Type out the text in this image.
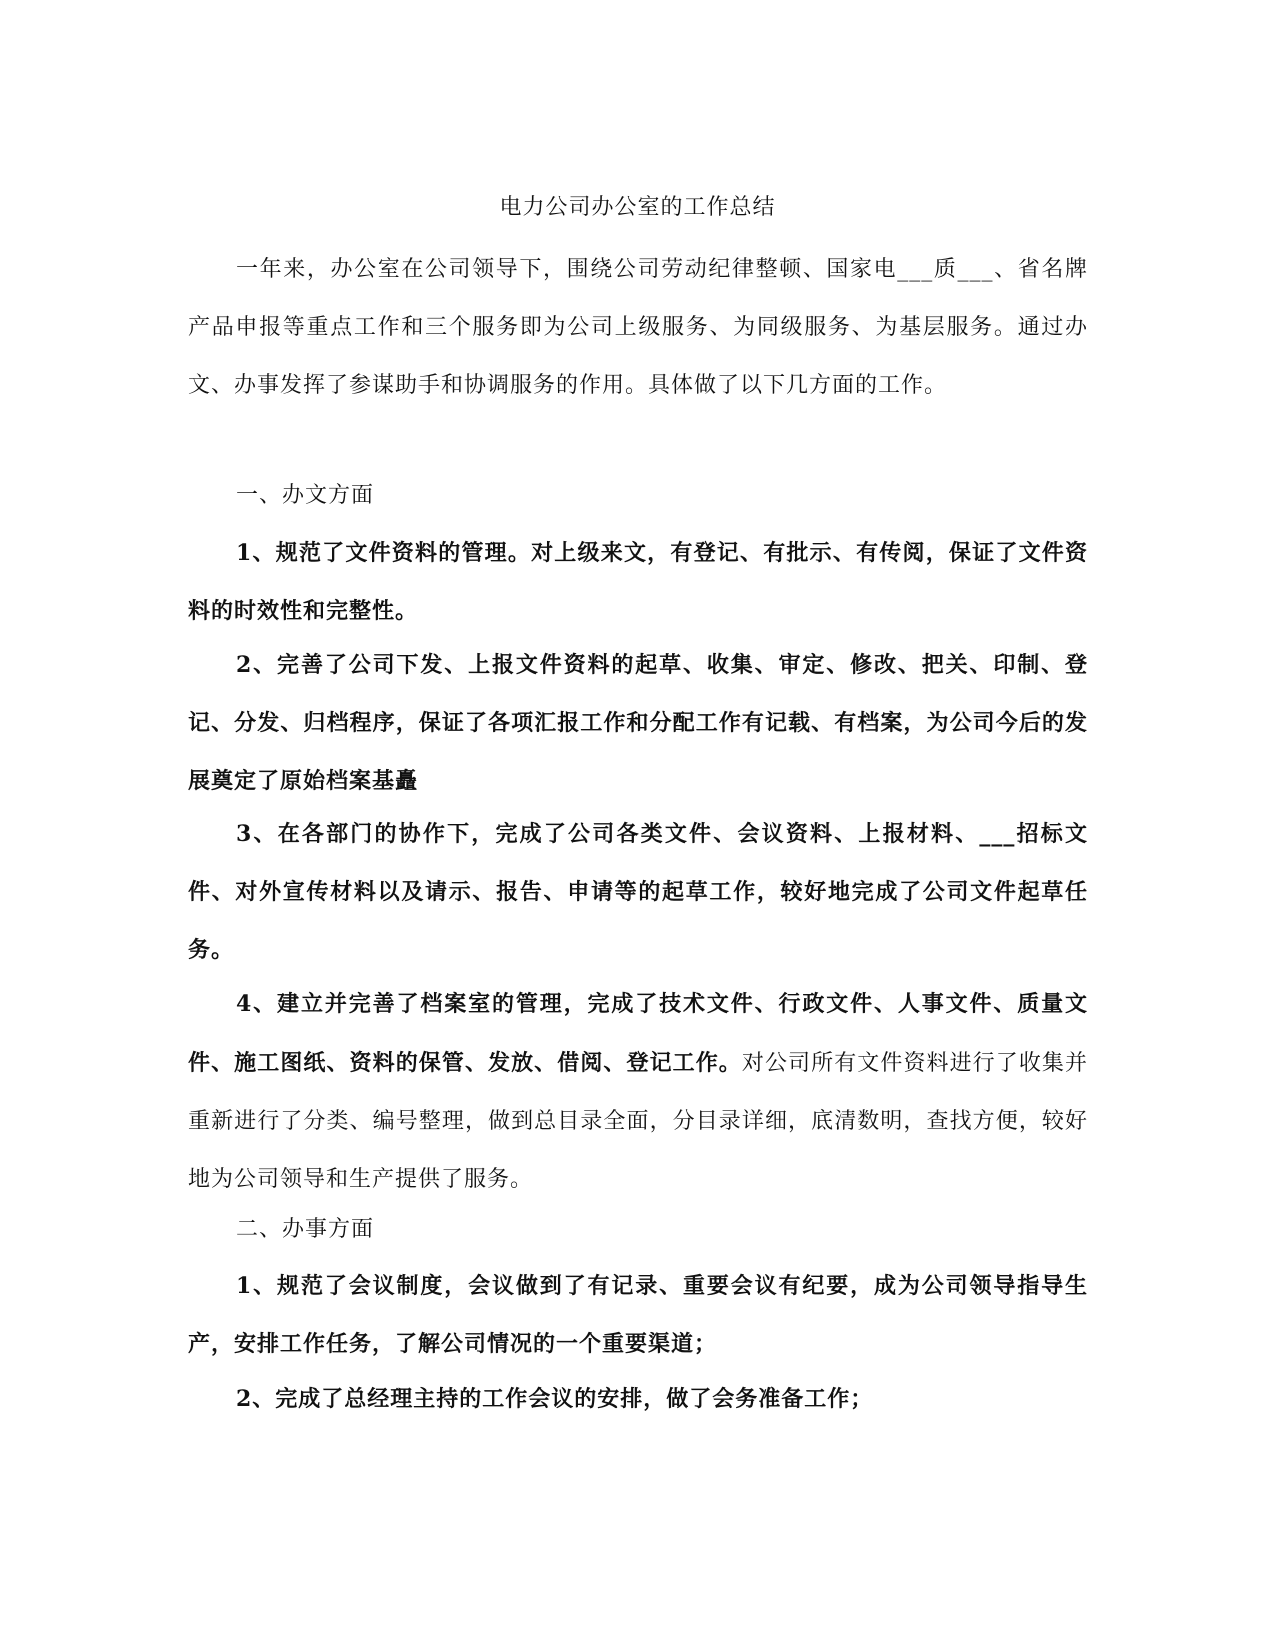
电力公司办公室的工作总结

一年来，办公室在公司领导下，围绕公司劳动纪律整顿、国家电___质___、省名牌产品申报等重点工作和三个服务即为公司上级服务、为同级服务、为基层服务。通过办文、办事发挥了参谋助手和协调服务的作用。具体做了以下几方面的工作。

一、办文方面

1、规范了文件资料的管理。对上级来文，有登记、有批示、有传阅，保证了文件资料的时效性和完整性。

2、完善了公司下发、上报文件资料的起草、收集、审定、修改、把关、印制、登记、分发、归档程序，保证了各项汇报工作和分配工作有记载、有档案，为公司今后的发展奠定了原始档案基矗

3、在各部门的协作下，完成了公司各类文件、会议资料、上报材料、___招标文件、对外宣传材料以及请示、报告、申请等的起草工作，较好地完成了公司文件起草任务。

4、建立并完善了档案室的管理，完成了技术文件、行政文件、人事文件、质量文件、施工图纸、资料的保管、发放、借阅、登记工作。对公司所有文件资料进行了收集并重新进行了分类、编号整理，做到总目录全面，分目录详细，底清数明，查找方便，较好地为公司领导和生产提供了服务。

二、办事方面

1、规范了会议制度，会议做到了有记录、重要会议有纪要，成为公司领导指导生产，安排工作任务，了解公司情况的一个重要渠道；

2、完成了总经理主持的工作会议的安排，做了会务准备工作；
